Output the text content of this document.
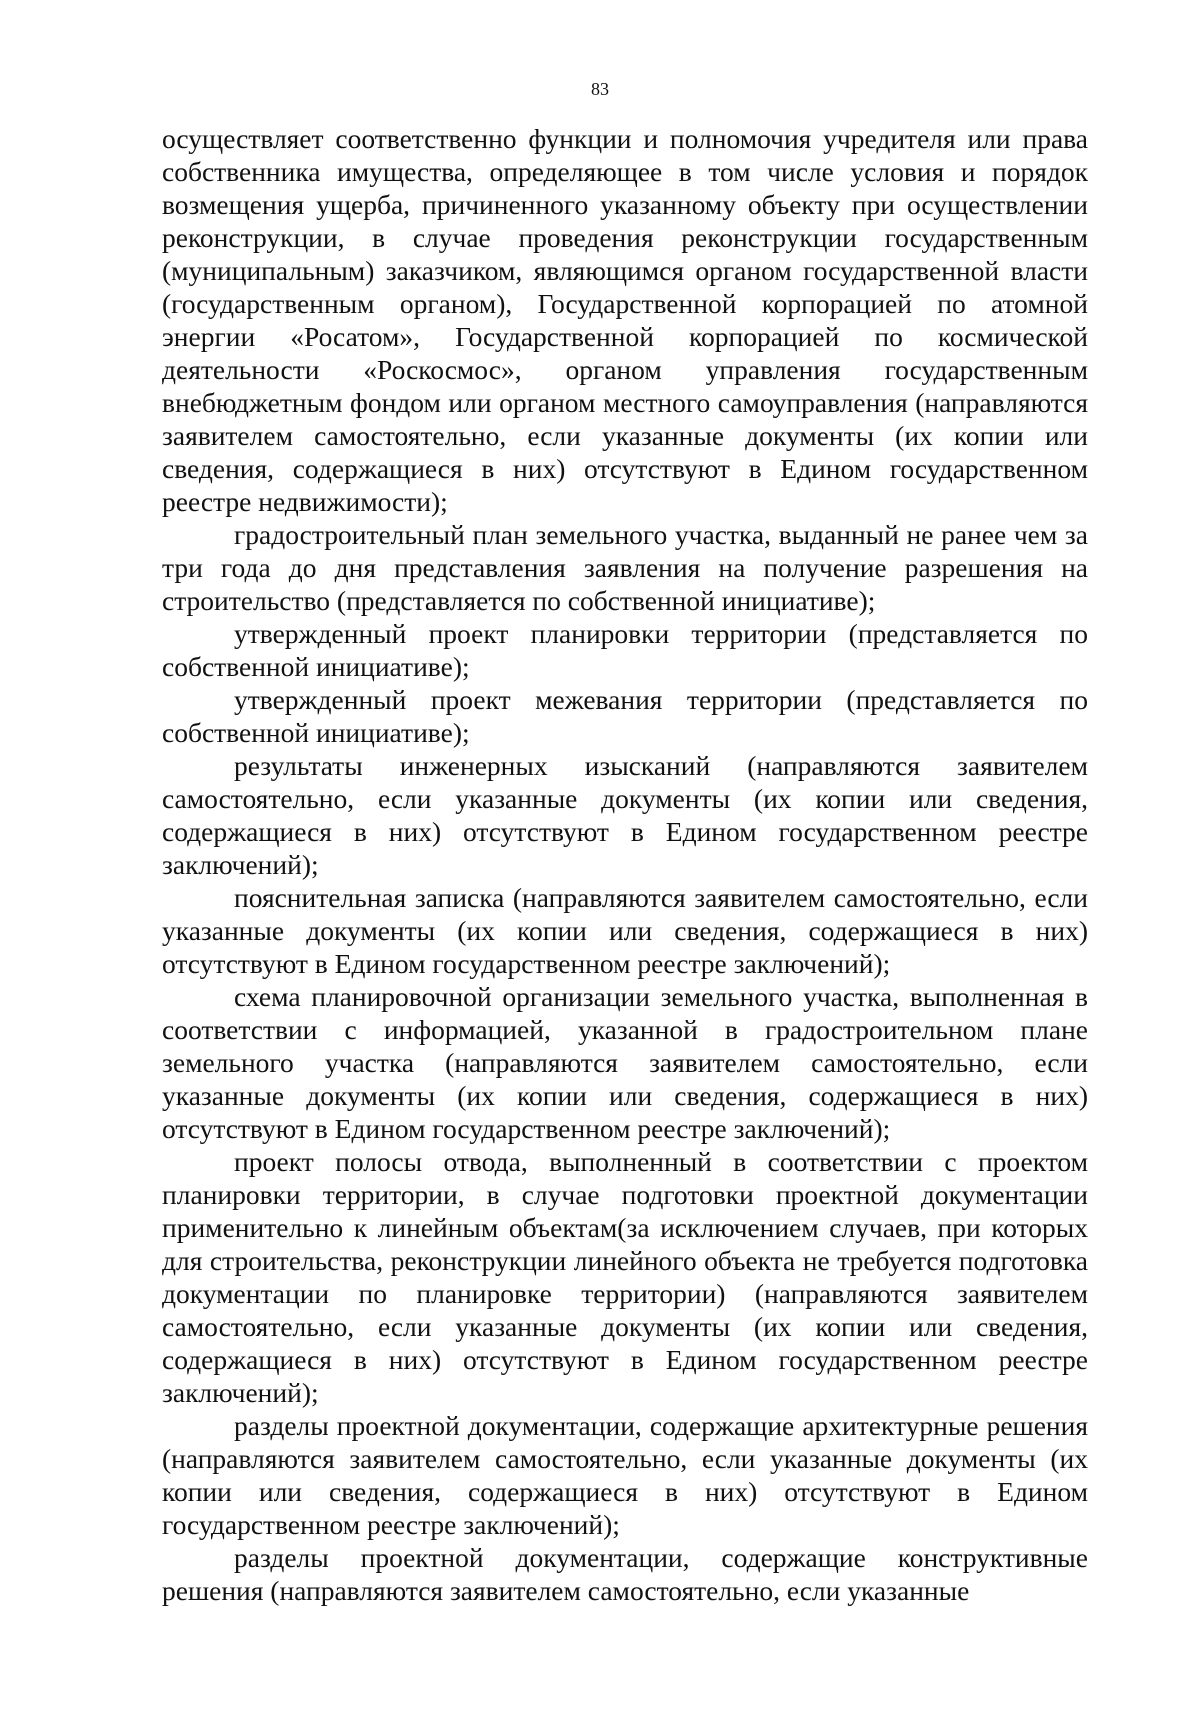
83

осуществляет соответственно функции и полномочия учредителя или права собственника имущества, определяющее в том числе условия и порядок возмещения ущерба, причиненного указанному объекту при осуществлении реконструкции, в случае проведения реконструкции государственным (муниципальным) заказчиком, являющимся органом государственной власти (государственным органом), Государственной корпорацией по атомной энергии «Росатом», Государственной корпорацией по космической деятельности «Роскосмос», органом управления государственным внебюджетным фондом или органом местного самоуправления (направляются заявителем самостоятельно, если указанные документы (их копии или сведения, содержащиеся в них) отсутствуют в Едином государственном реестре недвижимости);

градостроительный план земельного участка, выданный не ранее чем за три года до дня представления заявления на получение разрешения на строительство (представляется по собственной инициативе);

утвержденный проект планировки территории (представляется по собственной инициативе);

утвержденный проект межевания территории (представляется по собственной инициативе);

результаты инженерных изысканий (направляются заявителем самостоятельно, если указанные документы (их копии или сведения, содержащиеся в них) отсутствуют в Едином государственном реестре заключений);

пояснительная записка (направляются заявителем самостоятельно, если указанные документы (их копии или сведения, содержащиеся в них) отсутствуют в Едином государственном реестре заключений);

схема планировочной организации земельного участка, выполненная в соответствии с информацией, указанной в градостроительном плане земельного участка (направляются заявителем самостоятельно, если указанные документы (их копии или сведения, содержащиеся в них) отсутствуют в Едином государственном реестре заключений);

проект полосы отвода, выполненный в соответствии с проектом планировки территории, в случае подготовки проектной документации применительно к линейным объектам(за исключением случаев, при которых для строительства, реконструкции линейного объекта не требуется подготовка документации по планировке территории) (направляются заявителем самостоятельно, если указанные документы (их копии или сведения, содержащиеся в них) отсутствуют в Едином государственном реестре заключений);

разделы проектной документации, содержащие архитектурные решения (направляются заявителем самостоятельно, если указанные документы (их копии или сведения, содержащиеся в них) отсутствуют в Едином государственном реестре заключений);

разделы проектной документации, содержащие конструктивные решения (направляются заявителем самостоятельно, если указанные
